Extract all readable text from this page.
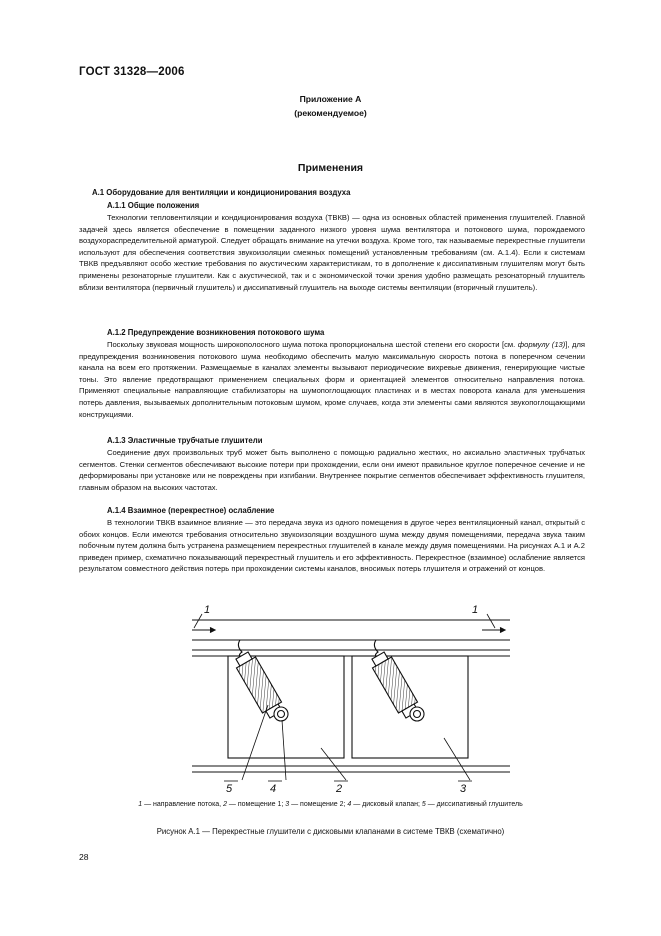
ГОСТ 31328—2006
Приложение А
(рекомендуемое)
Применения
А.1 Оборудование для вентиляции и кондиционирования воздуха
А.1.1 Общие положения

Технологии тепловентиляции и кондиционирования воздуха (ТВКВ) — одна из основных областей применения глушителей. Главной задачей здесь является обеспечение в помещении заданного низкого уровня шума вентилятора и потокового шума, порождаемого воздухораспределительной арматурой. Следует обращать внимание на утечки воздуха. Кроме того, так называемые перекрестные глушители используют для обеспечения соответствия звукоизоляции смежных помещений установленным требованиям (см. А.1.4). Если к системам ТВКВ предъявляют особо жесткие требования по акустическим характеристикам, то в дополнение к диссипативным глушителям могут быть применены резонаторные глушители. Как с акустической, так и с экономической точки зрения удобно размещать резонаторный глушитель вблизи вентилятора (первичный глушитель) и диссипативный глушитель на выходе системы вентиляции (вторичный глушитель).

А.1.2 Предупреждение возникновения потокового шума

Поскольку звуковая мощность широкополосного шума потока пропорциональна шестой степени его скорости [см. формулу (13)], для предупреждения возникновения потокового шума необходимо обеспечить малую максимальную скорость потока в поперечном сечении канала на всем его протяжении. Размещаемые в каналах элементы вызывают периодические вихревые движения, генерирующие чистые тоны. Это явление предотвращают применением специальных форм и ориентацией элементов относительно направления потока. Применяют специальные направляющие стабилизаторы на шумопоглощающих пластинах и в местах поворота канала для уменьшения потерь давления, вызываемых дополнительным потоковым шумом, кроме случаев, когда эти элементы сами являются звукопоглощающими конструкциями.

А.1.3 Эластичные трубчатые глушители

Соединение двух произвольных труб может быть выполнено с помощью радиально жестких, но аксиально эластичных трубчатых сегментов. Стенки сегментов обеспечивают высокие потери при прохождении, если они имеют правильное круглое поперечное сечение и не деформированы при установке или не повреждены при изгибании. Внутреннее покрытие сегментов обеспечивает эффективность глушителя, главным образом на высоких частотах.

А.1.4 Взаимное (перекрестное) ослабление

В технологии ТВКВ взаимное влияние — это передача звука из одного помещения в другое через вентиляционный канал, открытый с обоих концов. Если имеются требования относительно звукоизоляции воздушного шума между двумя помещениями, передача звука таким побочным путем должна быть устранена размещением перекрестных глушителей в канале между двумя помещениями. На рисунках А.1 и А.2 приведен пример, схематично показывающий перекрестный глушитель и его эффективность. Перекрестное (взаимное) ослабление является результатом совместного действия потерь при прохождении системы каналов, вносимых потерь глушителя и отражений от концов.

1	1
5	4	2	3
1 — направление потока, 2 — помещение 1; 3 — помещение 2; 4 — дисковый клапан; 5 — диссипативный глушитель
Рисунок А.1 — Перекрестные глушители с дисковыми клапанами в системе ТВКВ (схематично)
28
